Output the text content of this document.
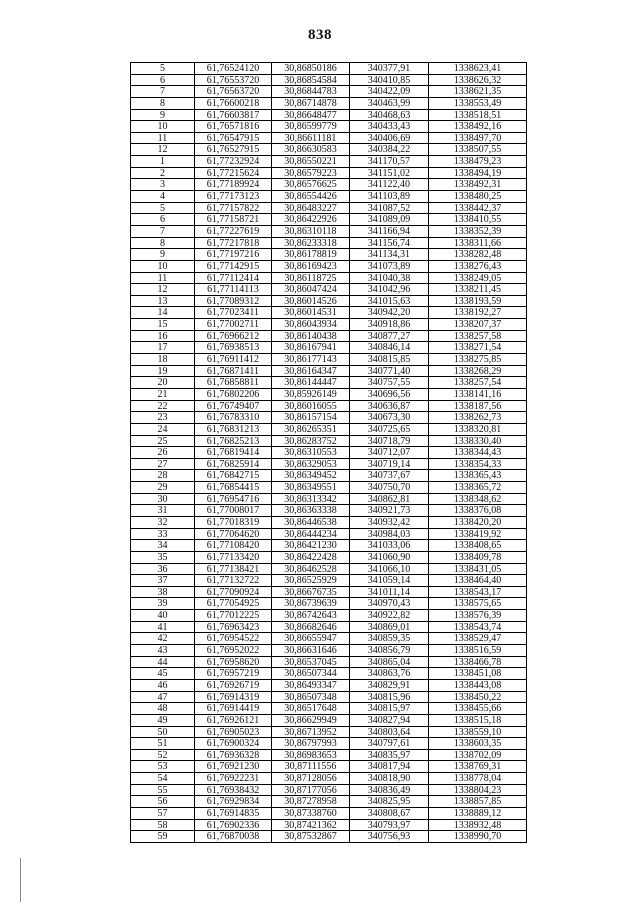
838
5	61,76524120	30,86850186	340377,91	1338623,41
6	61,76553720	30,86854584	340410,85	1338626,32
7	61,76563720	30,86844783	340422,09	1338621,35
8	61,76600218	30,86714878	340463,99	1338553,49
9	61,76603817	30,86648477	340468,63	1338518,51
10	61,76571816	30,86599779	340433,43	1338492,16
11	61,76547915	30,86611181	340406,69	1338497,70
12	61,76527915	30,86630583	340384,22	1338507,55
1	61,77232924	30,86550221	341170,57	1338479,23
2	61,77215624	30,86579223	341151,02	1338494,19
3	61,77189924	30,86576625	341122,40	1338492,31
4	61,77173123	30,86554426	341103,89	1338480,25
5	61,77157822	30,86483227	341087,52	1338442,37
6	61,77158721	30,86422926	341089,09	1338410,55
7	61,77227619	30,86310118	341166,94	1338352,39
8	61,77217818	30,86233318	341156,74	1338311,66
9	61,77197216	30,86178819	341134,31	1338282,48
10	61,77142915	30,86169423	341073,89	1338276,43
11	61,77112414	30,86118725	341040,38	1338249,05
12	61,77114113	30,86047424	341042,96	1338211,45
13	61,77089312	30,86014526	341015,63	1338193,59
14	61,77023411	30,86014531	340942,20	1338192,27
15	61,77002711	30,86043934	340918,86	1338207,37
16	61,76966212	30,86140438	340877,27	1338257,58
17	61,76938513	30,86167941	340846,14	1338271,54
18	61,76911412	30,86177143	340815,85	1338275,85
19	61,76871411	30,86164347	340771,40	1338268,29
20	61,76858811	30,86144447	340757,55	1338257,54
21	61,76802206	30,85926149	340696,56	1338141,16
22	61,76749407	30,86016055	340636,87	1338187,56
23	61,76783310	30,86157154	340673,30	1338262,73
24	61,76831213	30,86265351	340725,65	1338320,81
25	61,76825213	30,86283752	340718,79	1338330,40
26	61,76819414	30,86310553	340712,07	1338344,43
27	61,76825914	30,86329053	340719,14	1338354,33
28	61,76842715	30,86349452	340737,67	1338365,43
29	61,76854415	30,86349551	340750,70	1338365,72
30	61,76954716	30,86313342	340862,81	1338348,62
31	61,77008017	30,86363338	340921,73	1338376,08
32	61,77018319	30,86446538	340932,42	1338420,20
33	61,77064620	30,86444234	340984,03	1338419,92
34	61,77108420	30,86421230	341033,06	1338408,65
35	61,77133420	30,86422428	341060,90	1338409,78
36	61,77138421	30,86462528	341066,10	1338431,05
37	61,77132722	30,86525929	341059,14	1338464,40
38	61,77090924	30,86676735	341011,14	1338543,17
39	61,77054925	30,86739639	340970,43	1338575,65
40	61,77012225	30,86742643	340922,82	1338576,39
41	61,76963423	30,86682646	340869,01	1338543,74
42	61,76954522	30,86655947	340859,35	1338529,47
43	61,76952022	30,86631646	340856,79	1338516,59
44	61,76958620	30,86537045	340865,04	1338466,78
45	61,76957219	30,86507344	340863,76	1338451,08
46	61,76926719	30,86493347	340829,91	1338443,08
47	61,76914319	30,86507348	340815,96	1338450,22
48	61,76914419	30,86517648	340815,97	1338455,66
49	61,76926121	30,86629949	340827,94	1338515,18
50	61,76905023	30,86713952	340803,64	1338559,10
51	61,76900324	30,86797993	340797,61	1338603,35
52	61,76936328	30,86983653	340835,97	1338702,09
53	61,76921230	30,87111556	340817,94	1338769,31
54	61,76922231	30,87128056	340818,90	1338778,04
55	61,76938432	30,87177056	340836,49	1338804,23
56	61,76929834	30,87278958	340825,95	1338857,85
57	61,76914835	30,87338760	340808,67	1338889,12
58	61,76902336	30,87421362	340793,97	1338932,48
59	61,76870038	30,87532867	340756,93	1338990,70
